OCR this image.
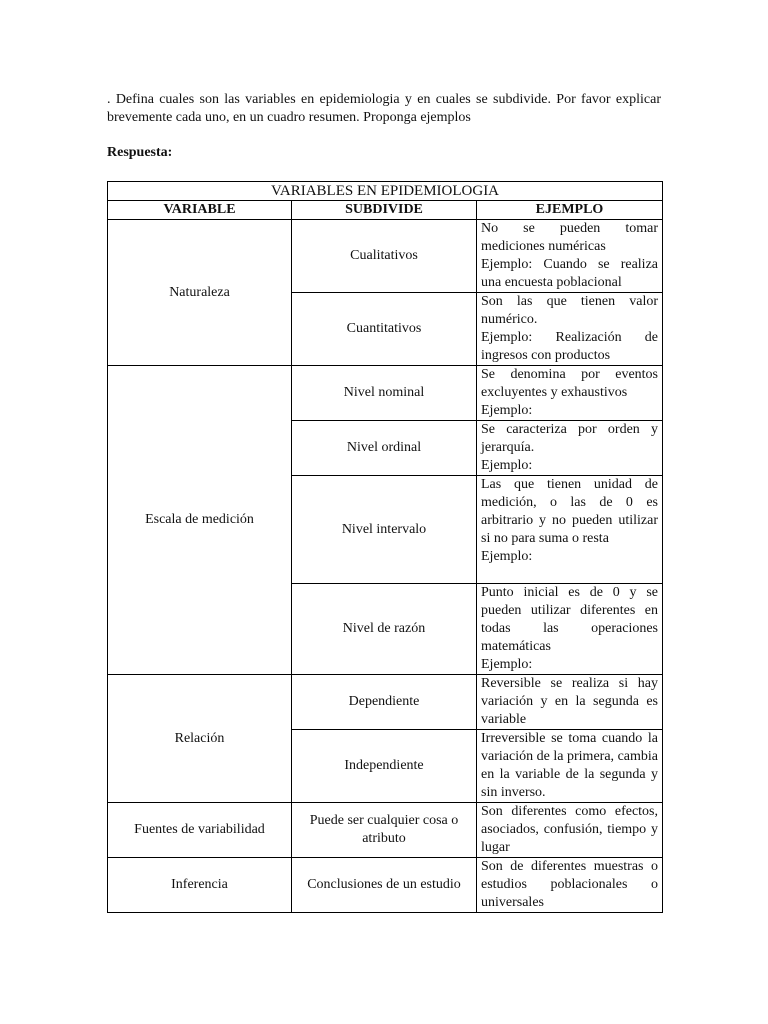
. Defina cuales son las variables en epidemiologia y en cuales se subdivide. Por favor explicar brevemente cada uno, en un cuadro resumen. Proponga ejemplos
Respuesta:
VARIABLES EN EPIDEMIOLOGIA		
VARIABLE	SUBDIVIDE	EJEMPLO
Naturaleza	Cualitativos	No se pueden tomar mediciones numéricas
Ejemplo: Cuando se realiza una encuesta poblacional

	Cuantitativos	Son las que tienen valor numérico.
Ejemplo: Realización de ingresos con productos

Escala de medición	Nivel nominal	Se denomina por eventos excluyentes y exhaustivos
Ejemplo:

	Nivel ordinal	Se caracteriza por orden y jerarquía.
Ejemplo:

	Nivel intervalo	Las que tienen unidad de medición, o las de 0 es arbitrario y no pueden utilizar si no para suma o resta
Ejemplo:

	Nivel de razón	Punto inicial es de 0 y se pueden utilizar diferentes en todas las operaciones matemáticas
Ejemplo:

Relación	Dependiente	Reversible se realiza si hay variación y en la segunda es variable

	Independiente	Irreversible se toma cuando la variación de la primera, cambia en la variable de la segunda y sin inverso.

Fuentes de variabilidad	Puede ser cualquier cosa o atributo	Son diferentes como efectos, asociados, confusión, tiempo y lugar

Inferencia	Conclusiones de un estudio	Son de diferentes muestras o estudios poblacionales o universales
